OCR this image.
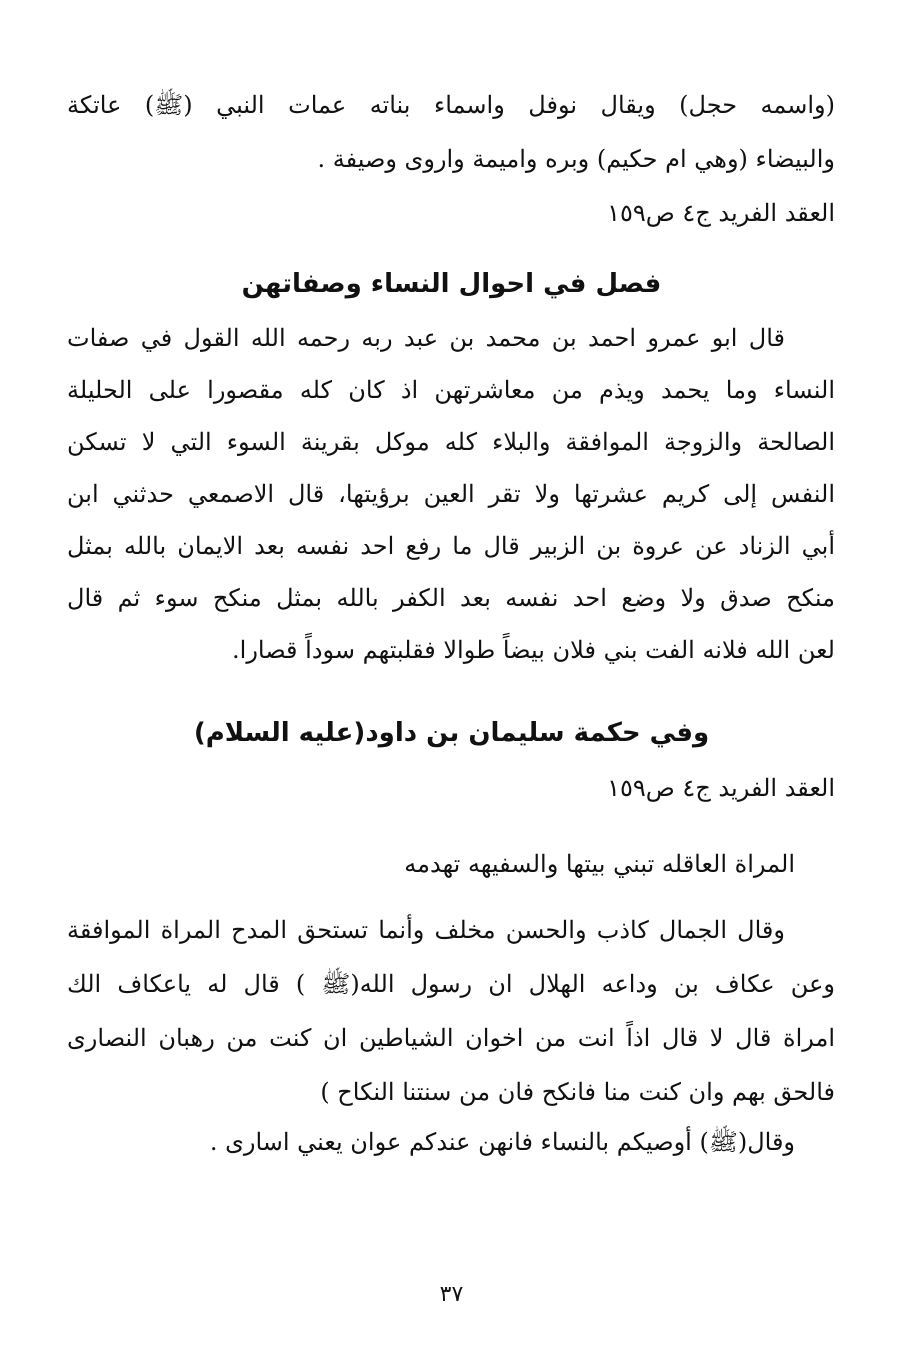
(واسمه حجل) ويقال نوفل واسماء بناته عمات النبي (ﷺ) عاتكة
والبيضاء (وهي ام حكيم) وبره واميمة واروى وصيفة .
العقد الفريد ج٤ ص١٥٩
فصل في احوال النساء وصفاتهن
قال ابو عمرو احمد بن محمد بن عبد ربه رحمه الله القول في صفات
النساء وما يحمد ويذم من معاشرتهن اذ كان كله مقصورا على الحليلة
الصالحة والزوجة الموافقة والبلاء كله موكل بقرينة السوء التي لا تسكن
النفس إلى كريم عشرتها ولا تقر العين برؤيتها، قال الاصمعي حدثني ابن
أبي الزناد عن عروة بن الزبير قال ما رفع احد نفسه بعد الايمان بالله بمثل
منكح صدق ولا وضع احد نفسه بعد الكفر بالله بمثل منكح سوء ثم قال
لعن الله فلانه الفت بني فلان بيضاً طوالا فقلبتهم سوداً قصارا.
وفي حكمة سليمان بن داود(عليه السلام)
العقد الفريد ج٤ ص١٥٩
المراة العاقله تبني بيتها والسفيهه تهدمه
وقال الجمال كاذب والحسن مخلف وأنما تستحق المدح المراة الموافقة
وعن عكاف بن وداعه الهلال ان رسول الله(ﷺ ) قال له ياعكاف الك
امراة قال لا قال اذاً انت من اخوان الشياطين ان كنت من رهبان النصارى
فالحق بهم وان كنت منا فانكح فان من سنتنا النكاح )
وقال(ﷺ) أوصيكم بالنساء فانهن عندكم عوان يعني اسارى .
٣٧
